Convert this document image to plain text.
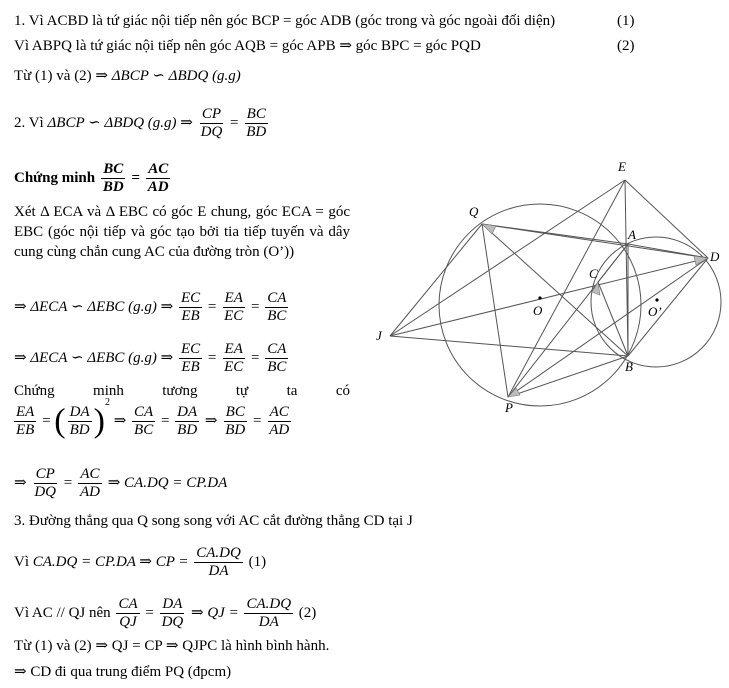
1. Vì ACBD là tứ giác nội tiếp nên góc BCP = góc ADB (góc trong và góc ngoài đối diện)	(1)
Vì ABPQ là tứ giác nội tiếp nên góc AQB = góc APB ⇒ góc BPC = góc PQD	(2)
Từ (1) và (2) ⇒ ΔBCP ∽ ΔBDQ (g.g)
2. Vì ΔBCP ∽ ΔBDQ (g.g) ⇒ $\frac{CP}{DQ} = \frac{BC}{BD}$
Chứng minh $\frac{BC}{BD} = \frac{AC}{AD}$
Xét Δ ECA và Δ EBC có góc E chung, góc ECA = góc EBC (góc nội tiếp và góc tạo bởi tia tiếp tuyến và dây cung cùng chắn cung AC của đường tròn (O’))
⇒ ΔECA ∽ ΔEBC (g.g) ⇒ $\frac{EC}{EB} = \frac{EA}{EC} = \frac{CA}{BC}$
⇒ ΔECA ∽ ΔEBC (g.g) ⇒ $\frac{EC}{EB} = \frac{EA}{EC} = \frac{CA}{BC}$
Chứng	minh	tương	tự	ta	có
$\frac{EA}{EB}$ = ( $\frac{DA}{BD} )^2$ ⇒ $\frac{CA}{BC} = \frac{DA}{BD}$ ⇒ $\frac{BC}{BD} = \frac{AC}{AD}$
⇒ $\frac{CP}{DQ} = \frac{AC}{AD}$ ⇒ CA.DQ = CP.DA
3. Đường thẳng qua Q song song với AC cắt đường thẳng CD tại J
Vì CA.DQ = CP.DA ⇒ CP = $\frac{CA.DQ}{DA} (1)$
Vì AC // QJ nên $\frac{CA}{QJ} = \frac{DA}{DQ}$ ⇒ QJ = $\frac{CA.DQ}{DA} (2)$
Từ (1) và (2) ⇒ QJ = CP ⇒ QJPC là hình bình hành.
⇒ CD đi qua trung điểm PQ (đpcm)
E
Q
A
D
C
O	O’
J
B
P
